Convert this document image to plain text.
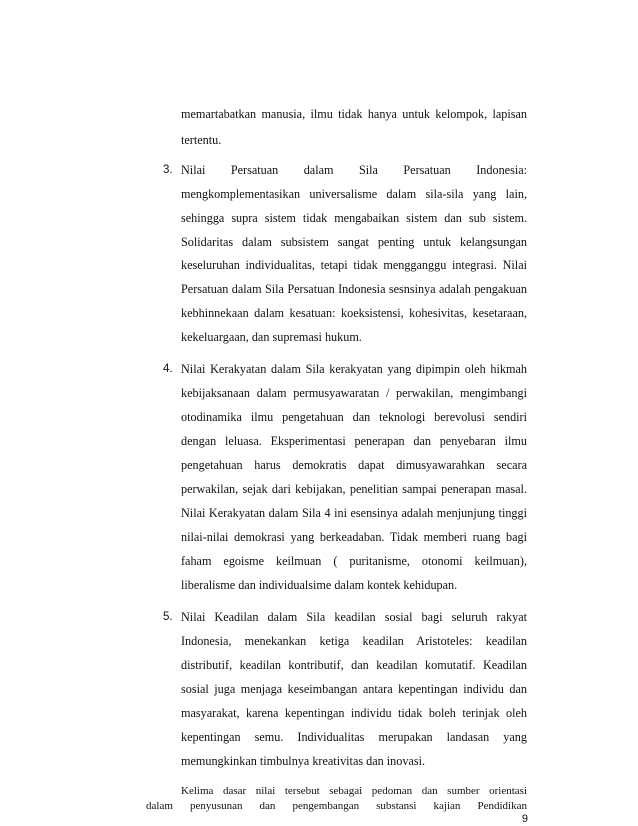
memartabatkan manusia, ilmu tidak hanya untuk kelompok, lapisan
tertentu.
3. Nilai Persatuan dalam Sila Persatuan Indonesia:
mengkomplementasikan universalisme dalam sila-sila yang lain,
sehingga supra sistem tidak mengabaikan sistem dan sub sistem.
Solidaritas dalam subsistem sangat penting untuk kelangsungan
keseluruhan individualitas, tetapi tidak mengganggu integrasi. Nilai
Persatuan dalam Sila Persatuan Indonesia sesnsinya adalah pengakuan
kebhinnekaan dalam kesatuan: koeksistensi, kohesivitas, kesetaraan,
kekeluargaan, dan supremasi hukum.
4. Nilai Kerakyatan dalam Sila kerakyatan yang dipimpin oleh hikmah
kebijaksanaan dalam permusyawaratan / perwakilan, mengimbangi
otodinamika ilmu pengetahuan dan teknologi berevolusi sendiri
dengan leluasa. Eksperimentasi penerapan dan penyebaran ilmu
pengetahuan harus demokratis dapat dimusyawarahkan secara
perwakilan, sejak dari kebijakan, penelitian sampai penerapan masal.
Nilai Kerakyatan dalam Sila 4 ini esensinya adalah menjunjung tinggi
nilai-nilai demokrasi yang berkeadaban. Tidak memberi ruang bagi
faham egoisme keilmuan ( puritanisme, otonomi keilmuan),
liberalisme dan individualsime dalam kontek kehidupan.
5. Nilai Keadilan dalam Sila keadilan sosial bagi seluruh rakyat
Indonesia, menekankan ketiga keadilan Aristoteles: keadilan
distributif, keadilan kontributif, dan keadilan komutatif. Keadilan
sosial juga menjaga keseimbangan antara kepentingan individu dan
masyarakat, karena kepentingan individu tidak boleh terinjak oleh
kepentingan semu. Individualitas merupakan landasan yang
memungkinkan timbulnya kreativitas dan inovasi.
Kelima dasar nilai tersebut sebagai pedoman dan sumber orientasi
dalam penyusunan dan pengembangan substansi kajian Pendidikan
9
